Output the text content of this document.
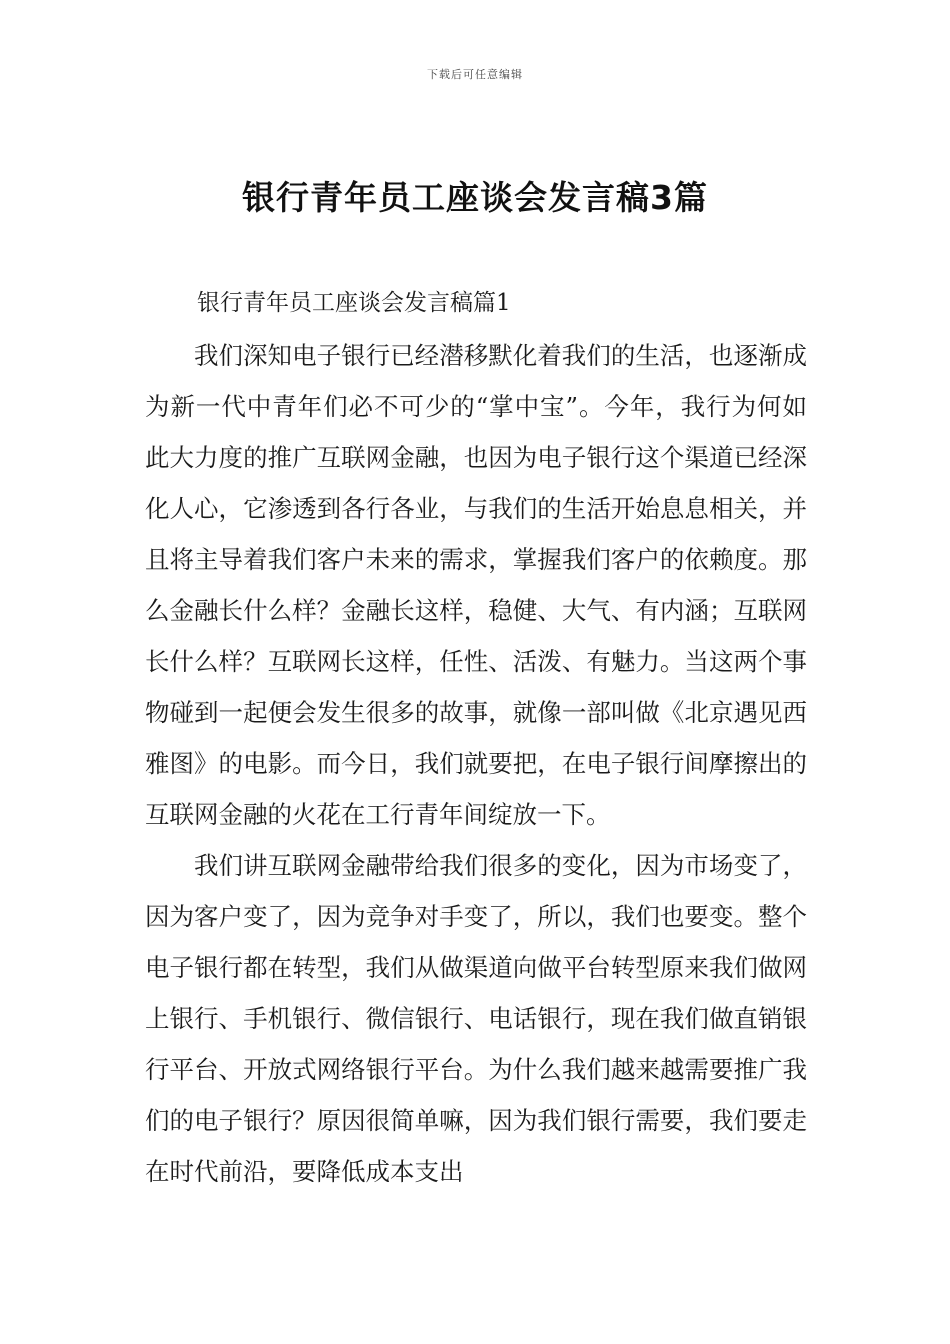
下载后可任意编辑
银行青年员工座谈会发言稿3篇

银行青年员工座谈会发言稿篇1

我们深知电子银行已经潜移默化着我们的生活，也逐渐成为新一代中青年们必不可少的“掌中宝”。今年，我行为何如此大力度的推广互联网金融，也因为电子银行这个渠道已经深化人心，它渗透到各行各业，与我们的生活开始息息相关，并且将主导着我们客户未来的需求，掌握我们客户的依赖度。那么金融长什么样？金融长这样，稳健、大气、有内涵；互联网长什么样？互联网长这样，任性、活泼、有魅力。当这两个事物碰到一起便会发生很多的故事，就像一部叫做《北京遇见西雅图》的电影。而今日，我们就要把，在电子银行间摩擦出的互联网金融的火花在工行青年间绽放一下。

我们讲互联网金融带给我们很多的变化，因为市场变了，因为客户变了，因为竞争对手变了，所以，我们也要变。整个电子银行都在转型，我们从做渠道向做平台转型原来我们做网上银行、手机银行、微信银行、电话银行，现在我们做直销银行平台、开放式网络银行平台。为什么我们越来越需要推广我们的电子银行？原因很简单嘛，因为我们银行需要，我们要走在时代前沿，要降低成本支出
